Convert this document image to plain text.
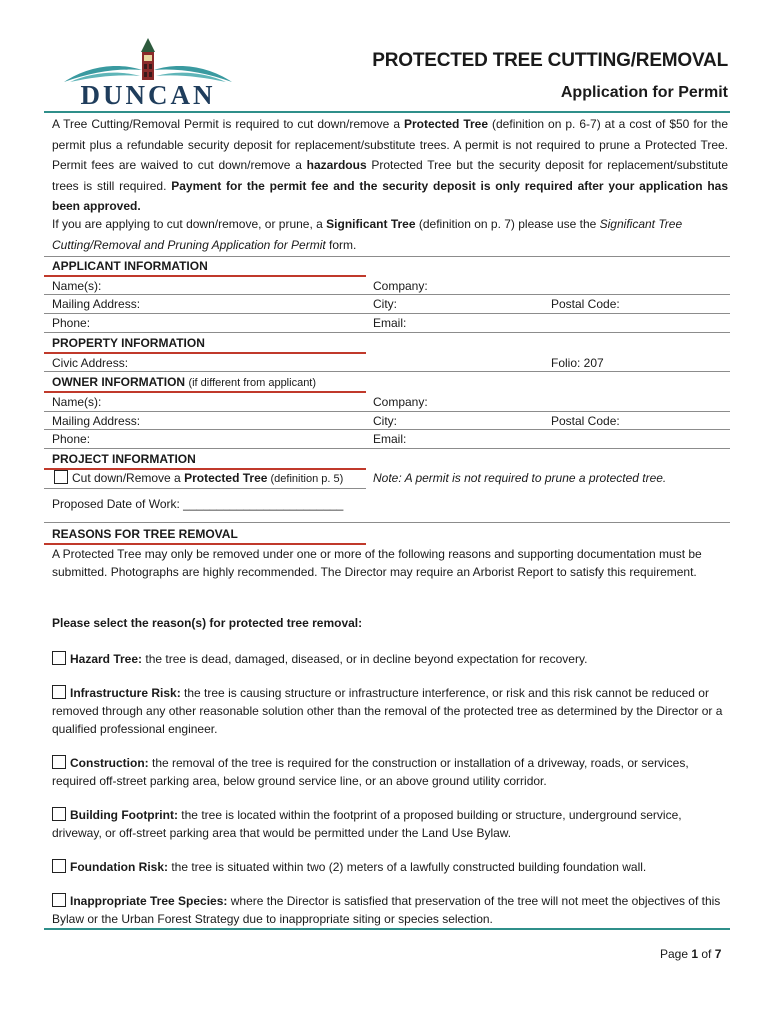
DUNCAN
PROTECTED TREE CUTTING/REMOVAL
Application for Permit
A Tree Cutting/Removal Permit is required to cut down/remove a Protected Tree (definition on p. 6-7) at a cost of $50 for the permit plus a refundable security deposit for replacement/substitute trees. A permit is not required to prune a Protected Tree. Permit fees are waived to cut down/remove a hazardous Protected Tree but the security deposit for replacement/substitute trees is still required. Payment for the permit fee and the security deposit is only required after your application has been approved.
If you are applying to cut down/remove, or prune, a Significant Tree (definition on p. 7) please use the Significant Tree Cutting/Removal and Pruning Application for Permit form.
APPLICANT INFORMATION
Name(s):	Company:
Mailing Address:	City:	Postal Code:
Phone:	Email:
PROPERTY INFORMATION
Civic Address:	Folio: 207
OWNER INFORMATION (if different from applicant)
Name(s):	Company:
Mailing Address:	City:	Postal Code:
Phone:	Email:
PROJECT INFORMATION
Cut down/Remove a Protected Tree (definition p. 5) Note: A permit is not required to prune a protected tree.
Proposed Date of Work: ________________________
REASONS FOR TREE REMOVAL
A Protected Tree may only be removed under one or more of the following reasons and supporting documentation must be submitted. Photographs are highly recommended. The Director may require an Arborist Report to satisfy this requirement.
Please select the reason(s) for protected tree removal:
Hazard Tree: the tree is dead, damaged, diseased, or in decline beyond expectation for recovery.
Infrastructure Risk: the tree is causing structure or infrastructure interference, or risk and this risk cannot be reduced or removed through any other reasonable solution other than the removal of the protected tree as determined by the Director or a qualified professional engineer.
Construction: the removal of the tree is required for the construction or installation of a driveway, roads, or services, required off-street parking area, below ground service line, or an above ground utility corridor.
Building Footprint: the tree is located within the footprint of a proposed building or structure, underground service, driveway, or off-street parking area that would be permitted under the Land Use Bylaw.
Foundation Risk: the tree is situated within two (2) meters of a lawfully constructed building foundation wall.
Inappropriate Tree Species: where the Director is satisfied that preservation of the tree will not meet the objectives of this Bylaw or the Urban Forest Strategy due to inappropriate siting or species selection.
Page 1 of 7
